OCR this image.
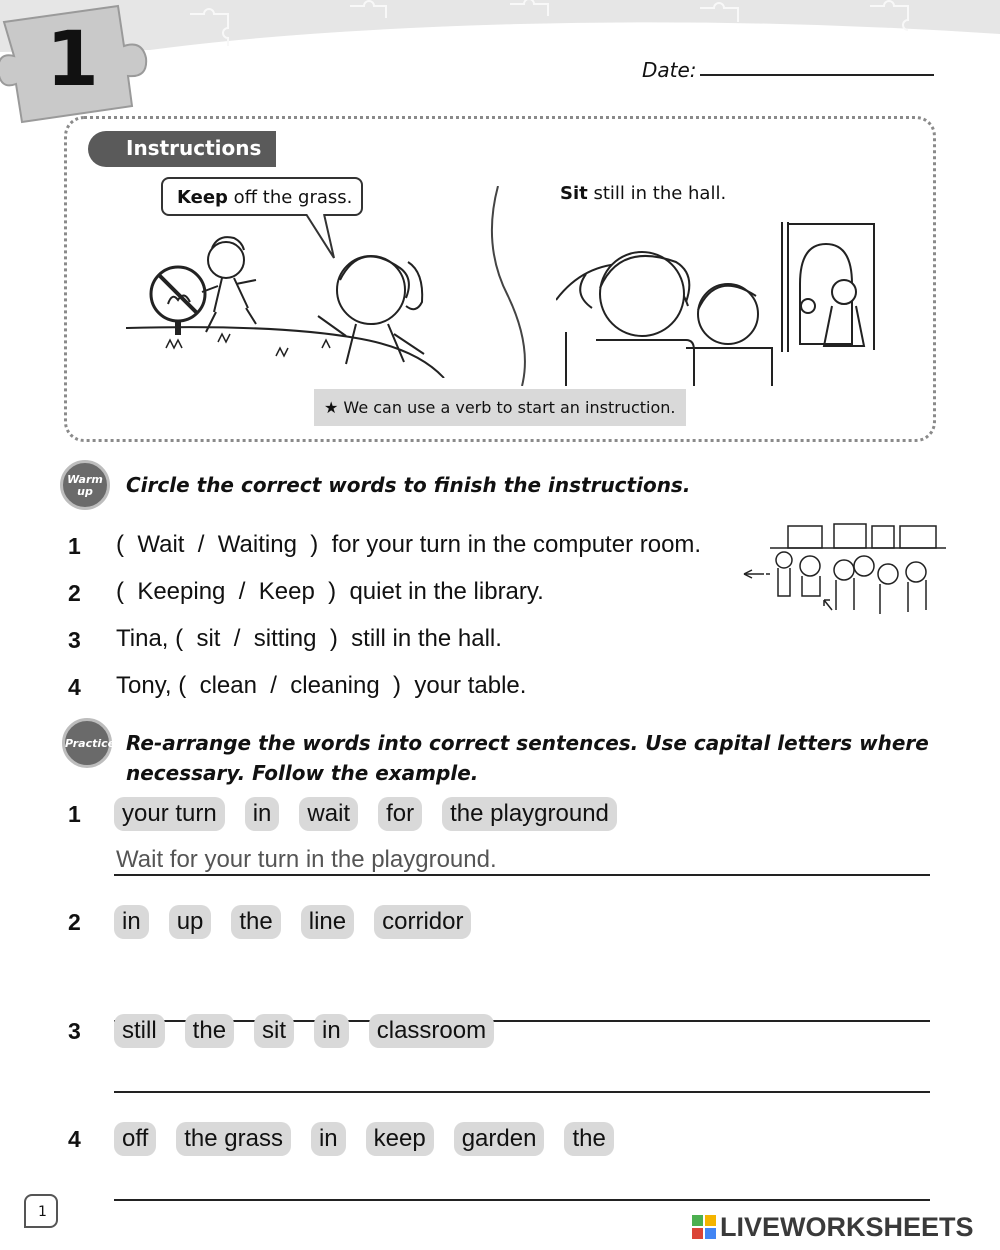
1	Date:
Instructions
Keep off the grass.	Sit still in the hall.
★ We can use a verb to start an instruction.
Warm
up	Circle the correct words to finish the instructions.
1 (  Wait  /  Waiting  )  for your turn in the computer room.
2 (  Keeping  /  Keep  )  quiet in the library.
3 Tina, (  sit  /  sitting  )  still in the hall.
4 Tony, (  clean  /  cleaning  )  your table.
Practice Re-arrange the words into correct sentences. Use capital letters where
necessary. Follow the example.
1	your turn	in	wait	for	the playground
Wait for your turn in the playground.
2	in	up	the	line	corridor
3	still	the	sit	in	classroom
4	off	the grass	in	keep	garden	the
1	LIVEWORKSHEETS
